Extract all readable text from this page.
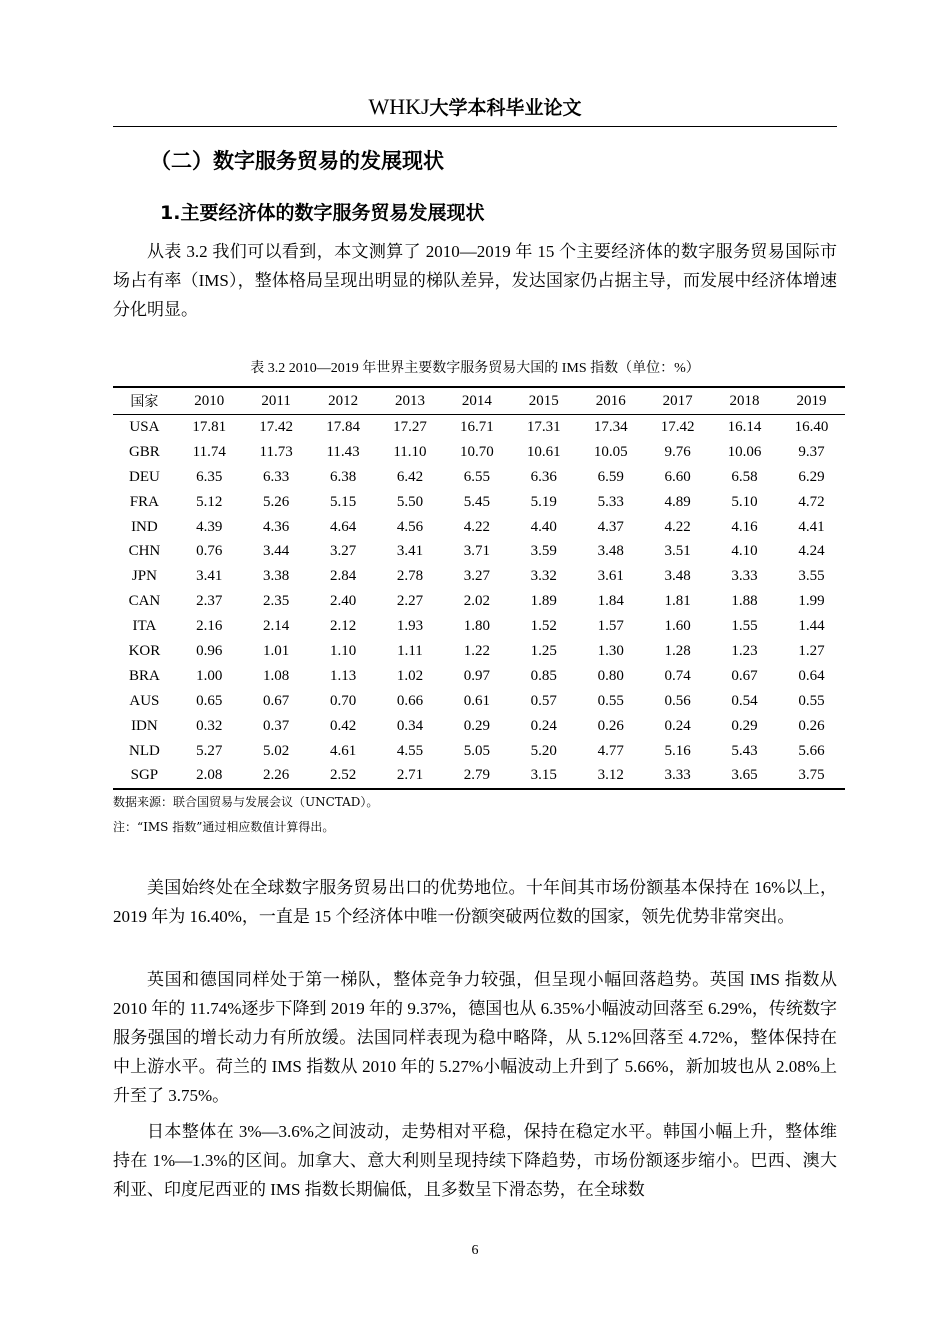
WHKJ大学本科毕业论文
（二）数字服务贸易的发展现状
1.主要经济体的数字服务贸易发展现状

从表 3.2 我们可以看到，本文测算了 2010—2019 年 15 个主要经济体的数字服务贸易国际市场占有率（IMS），整体格局呈现出明显的梯队差异，发达国家仍占据主导，而发展中经济体增速分化明显。

表 3.2 2010—2019 年世界主要数字服务贸易大国的 IMS 指数（单位：%）
国家	2010	2011	2012	2013	2014	2015	2016	2017	2018	2019
USA	17.81	17.42	17.84	17.27	16.71	17.31	17.34	17.42	16.14	16.40
GBR	11.74	11.73	11.43	11.10	10.70	10.61	10.05	9.76	10.06	9.37
DEU	6.35	6.33	6.38	6.42	6.55	6.36	6.59	6.60	6.58	6.29
FRA	5.12	5.26	5.15	5.50	5.45	5.19	5.33	4.89	5.10	4.72
IND	4.39	4.36	4.64	4.56	4.22	4.40	4.37	4.22	4.16	4.41
CHN	0.76	3.44	3.27	3.41	3.71	3.59	3.48	3.51	4.10	4.24
JPN	3.41	3.38	2.84	2.78	3.27	3.32	3.61	3.48	3.33	3.55
CAN	2.37	2.35	2.40	2.27	2.02	1.89	1.84	1.81	1.88	1.99
ITA	2.16	2.14	2.12	1.93	1.80	1.52	1.57	1.60	1.55	1.44
KOR	0.96	1.01	1.10	1.11	1.22	1.25	1.30	1.28	1.23	1.27
BRA	1.00	1.08	1.13	1.02	0.97	0.85	0.80	0.74	0.67	0.64
AUS	0.65	0.67	0.70	0.66	0.61	0.57	0.55	0.56	0.54	0.55
IDN	0.32	0.37	0.42	0.34	0.29	0.24	0.26	0.24	0.29	0.26
NLD	5.27	5.02	4.61	4.55	5.05	5.20	4.77	5.16	5.43	5.66
SGP	2.08	2.26	2.52	2.71	2.79	3.15	3.12	3.33	3.65	3.75
数据来源：联合国贸易与发展会议（UNCTAD）。
注：“IMS 指数”通过相应数值计算得出。

美国始终处在全球数字服务贸易出口的优势地位。十年间其市场份额基本保持在 16%以上，2019 年为 16.40%，一直是 15 个经济体中唯一份额突破两位数的国家，领先优势非常突出。

英国和德国同样处于第一梯队，整体竞争力较强，但呈现小幅回落趋势。英国 IMS 指数从 2010 年的 11.74%逐步下降到 2019 年的 9.37%，德国也从 6.35%小幅波动回落至 6.29%，传统数字服务强国的增长动力有所放缓。法国同样表现为稳中略降，从 5.12%回落至 4.72%，整体保持在中上游水平。荷兰的 IMS 指数从 2010 年的 5.27%小幅波动上升到了 5.66%，新加坡也从 2.08%上升至了 3.75%。

日本整体在 3%—3.6%之间波动，走势相对平稳，保持在稳定水平。韩国小幅上升，整体维持在 1%—1.3%的区间。加拿大、意大利则呈现持续下降趋势，市场份额逐步缩小。巴西、澳大利亚、印度尼西亚的 IMS 指数长期偏低，且多数呈下滑态势，在全球数

6
